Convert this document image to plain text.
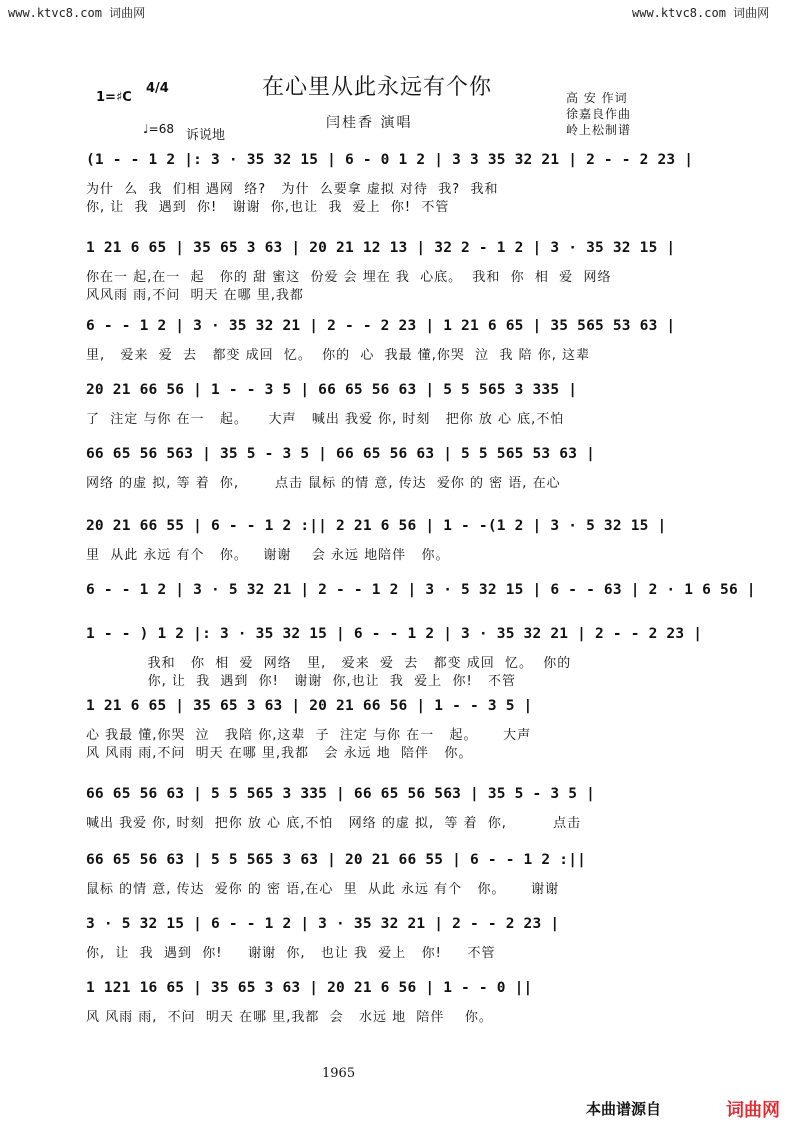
www.ktvc8.com 词曲网	www.ktvc8.com 词曲网
1=♯C
4/4	在心里从此永远有个你
闫桂香 演唱
高 安 作词
徐嘉良作曲
岭上松制谱
♩=68 诉说地
(1 - - 1 2 |: 3 · 35 32 15 | 6 - 0 1 2 | 3 3 35 32 21 | 2 - - 2 23 |
为什  么  我  们相 遇网  络?   为什  么要拿 虚拟 对待  我?  我和
你, 让  我  遇到  你!   谢谢  你,也让  我  爱上  你!  不管
1 21 6 65 | 35 65 3 63 | 20 21 12 13 | 32 2 - 1 2 | 3 · 35 32 15 |
你在一 起,在一  起   你的 甜 蜜这  份爱 会 埋在 我  心底。  我和  你  相  爱  网络
风风雨 雨,不问  明天 在哪 里,我都
6 - - 1 2 | 3 · 35 32 21 | 2 - - 2 23 | 1 21 6 65 | 35 565 53 63 |
里,   爱来  爱  去   都变 成回  忆。  你的  心  我最 懂,你哭  泣  我 陪 你, 这辈
20 21 66 56 | 1 - - 3 5 | 66 65 56 63 | 5 5 565 3 335 |
了  注定 与你 在一   起。    大声   喊出 我爱 你, 时刻   把你 放 心 底,不怕
66 65 56 563 | 35 5 - 3 5 | 66 65 56 63 | 5 5 565 53 63 |
网络 的虚 拟, 等 着  你,       点击 鼠标 的情 意, 传达  爱你 的 密 语, 在心
20 21 66 55 | 6 - - 1 2 :|| 2 21 6 56 | 1 - -(1 2 | 3 · 5 32 15 |
里  从此 永远 有个   你。   谢谢    会 永远 地陪伴   你。
6 - - 1 2 | 3 · 5 32 21 | 2 - - 1 2 | 3 · 5 32 15 | 6 - - 63 | 2 · 1 6 56 |
1 - - ) 1 2 |: 3 · 35 32 15 | 6 - - 1 2 | 3 · 35 32 21 | 2 - - 2 23 |
我和   你  相  爱  网络   里,   爱来  爱  去   都变 成回  忆。  你的
你, 让  我  遇到  你!   谢谢  你,也让  我  爱上  你!   不管
1 21 6 65 | 35 65 3 63 | 20 21 66 56 | 1 - - 3 5 |
心 我最 懂,你哭  泣   我陪 你,这辈  子  注定 与你 在一   起。     大声
风 风雨 雨,不问  明天 在哪 里,我都   会 永远 地  陪伴   你。
66 65 56 63 | 5 5 565 3 335 | 66 65 56 563 | 35 5 - 3 5 |
喊出 我爱 你, 时刻  把你 放 心 底,不怕   网络 的虚 拟,  等 着  你,         点击
66 65 56 63 | 5 5 565 3 63 | 20 21 66 55 | 6 - - 1 2 :||
鼠标 的情 意, 传达  爱你 的 密 语,在心  里  从此 永远 有个   你。     谢谢
3 · 5 32 15 | 6 - - 1 2 | 3 · 35 32 21 | 2 - - 2 23 |
你,  让  我  遇到  你!     谢谢  你,   也让 我  爱上   你!     不管
1 121 16 65 | 35 65 3 63 | 20 21 6 56 | 1 - - 0 ||
风 风雨 雨,  不问  明天 在哪 里,我都  会   水远 地  陪伴    你。
1965
本曲谱源自	词曲网
